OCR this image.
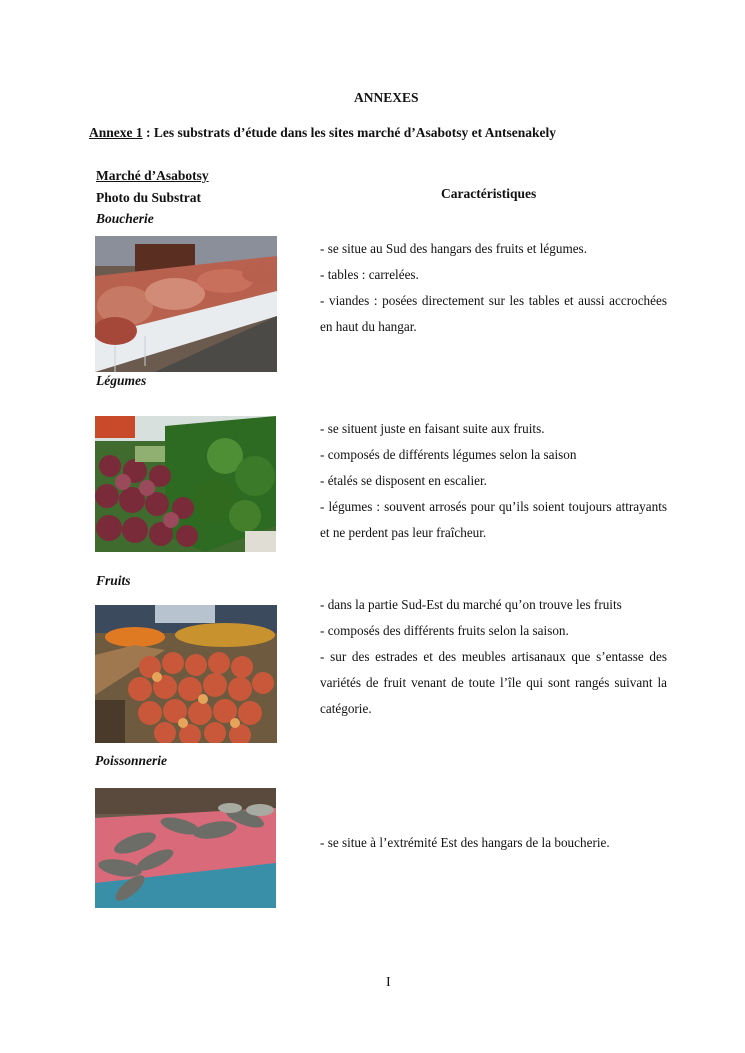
ANNEXES
Annexe 1 : Les substrats d’étude dans les sites marché d’Asabotsy et Antsenakely
Marché d’Asabotsy
Photo du Substrat	Caractéristiques
Boucherie

- se situe au Sud des hangars des fruits et légumes.

- tables : carrelées.

- viandes : posées directement sur les tables et aussi accrochées en haut du hangar.

Légumes

- se situent juste en faisant suite aux fruits.

- composés de différents légumes selon la saison

- étalés se disposent en escalier.

- légumes : souvent arrosés pour qu’ils soient toujours attrayants et ne perdent pas leur fraîcheur.

Fruits

- dans la partie Sud-Est du marché qu’on trouve les fruits

- composés des différents fruits selon la saison.

- sur des estrades et des meubles artisanaux que s’entasse des variétés de fruit venant de toute l’île qui sont rangés suivant la catégorie.

Poissonnerie

- se situe à l’extrémité Est des hangars de la boucherie.

I
